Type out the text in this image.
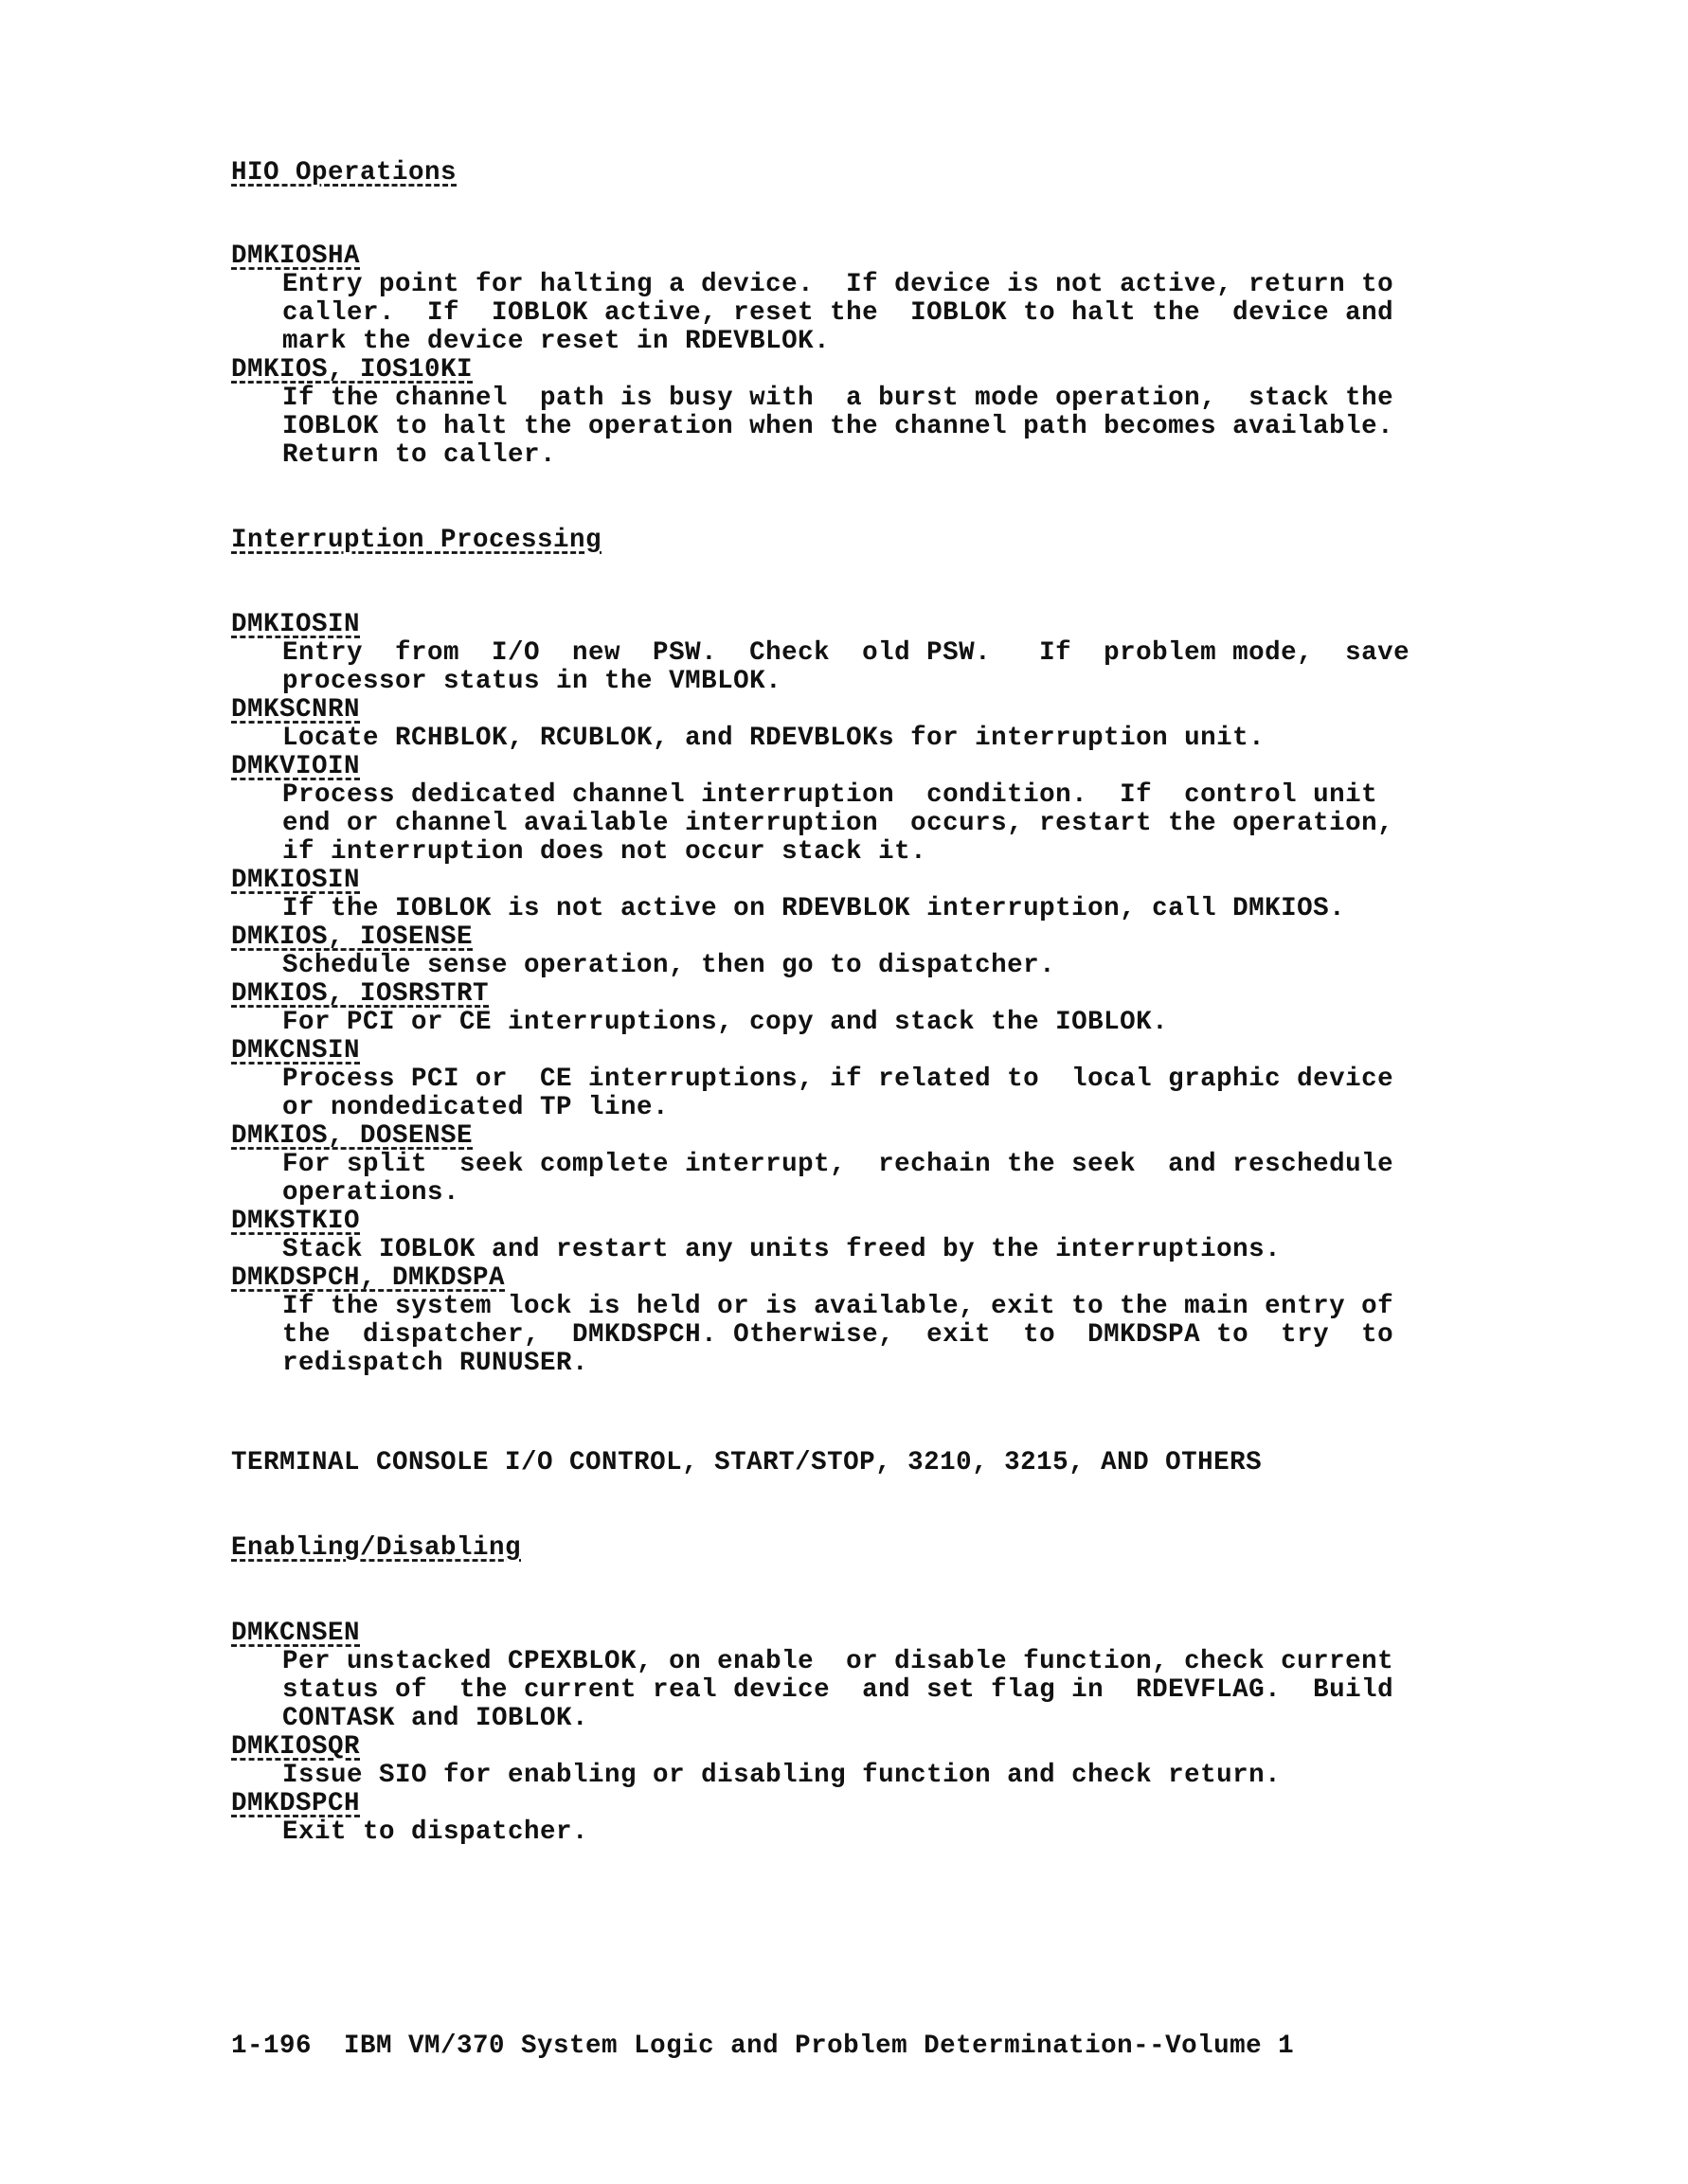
HIO Operations

DMKIOSHA

Entry point for halting a device.  If device is not active, return to

caller.  If  IOBLOK active, reset the  IOBLOK to halt the  device and

mark the device reset in RDEVBLOK.

DMKIOS, IOS10KI

If the channel  path is busy with  a burst mode operation,  stack the

IOBLOK to halt the operation when the channel path becomes available.

Return to caller.

Interruption Processing

DMKIOSIN

Entry  from  I/O  new  PSW.  Check  old PSW.   If  problem mode,  save

processor status in the VMBLOK.

DMKSCNRN

Locate RCHBLOK, RCUBLOK, and RDEVBLOKs for interruption unit.

DMKVIOIN

Process dedicated channel interruption  condition.  If  control unit

end or channel available interruption  occurs, restart the operation,

if interruption does not occur stack it.

DMKIOSIN

If the IOBLOK is not active on RDEVBLOK interruption, call DMKIOS.

DMKIOS, IOSENSE

Schedule sense operation, then go to dispatcher.

DMKIOS, IOSRSTRT

For PCI or CE interruptions, copy and stack the IOBLOK.

DMKCNSIN

Process PCI or  CE interruptions, if related to  local graphic device

or nondedicated TP line.

DMKIOS, DOSENSE

For split  seek complete interrupt,  rechain the seek  and reschedule

operations.

DMKSTKIO

Stack IOBLOK and restart any units freed by the interruptions.

DMKDSPCH, DMKDSPA

If the system lock is held or is available, exit to the main entry of

the  dispatcher,  DMKDSPCH. Otherwise,  exit  to  DMKDSPA to  try  to

redispatch RUNUSER.

TERMINAL CONSOLE I/O CONTROL, START/STOP, 3210, 3215, AND OTHERS

Enabling/Disabling

DMKCNSEN

Per unstacked CPEXBLOK, on enable  or disable function, check current

status of  the current real device  and set flag in  RDEVFLAG.  Build

CONTASK and IOBLOK.

DMKIOSQR

Issue SIO for enabling or disabling function and check return.

DMKDSPCH

Exit to dispatcher.

1-196  IBM VM/370 System Logic and Problem Determination--Volume 1
